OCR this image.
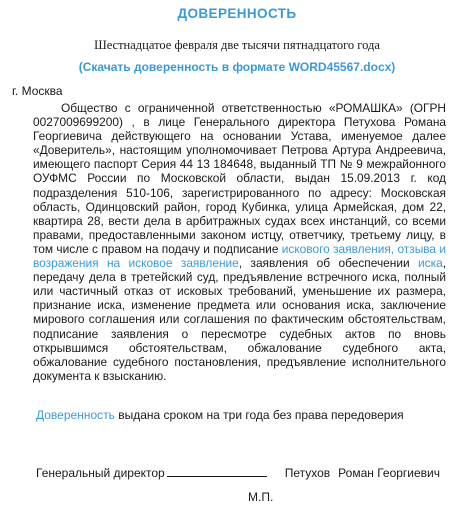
ДОВЕРЕННОСТЬ
Шестнадцатое февраля две тысячи пятнадцатого года
(Скачать доверенность в формате WORD45567.docx)
г. Москва

Общество с ограниченной ответственностью «РОМАШКА» (ОГРН 0027009699200) , в лице Генерального директора Петухова Романа Георгиевича действующего на основании Устава, именуемое далее «Доверитель», настоящим уполномочивает Петрова Артура Андреевича, имеющего паспорт Серия 44 13 184648, выданный ТП № 9 межрайонного ОУФМС России по Московской области, выдан 15.09.2013 г. код подразделения 510-106, зарегистрированного по адресу: Московская область, Одинцовский район, город Кубинка, улица Армейская, дом 22, квартира 28, вести дела в арбитражных судах всех инстанций, со всеми правами, предоставленными законом истцу, ответчику, третьему лицу, в том числе с правом на подачу и подписание искового заявления, отзыва и возражения на исковое заявление, заявления об обеспечении иска, передачу дела в третейский суд, предъявление встречного иска, полный или частичный отказ от исковых требований, уменьшение их размера, признание иска, изменение предмета или основания иска, заключение мирового соглашения или соглашения по фактическим обстоятельствам, подписание заявления о пересмотре судебных актов по вновь открывшимся обстоятельствам, обжалование судебного акта, обжалование судебного постановления, предъявление исполнительного документа к взысканию.

Доверенность выдана сроком на три года без права передоверия
Генеральный директор	Петухов Роман Георгиевич
М.П.
